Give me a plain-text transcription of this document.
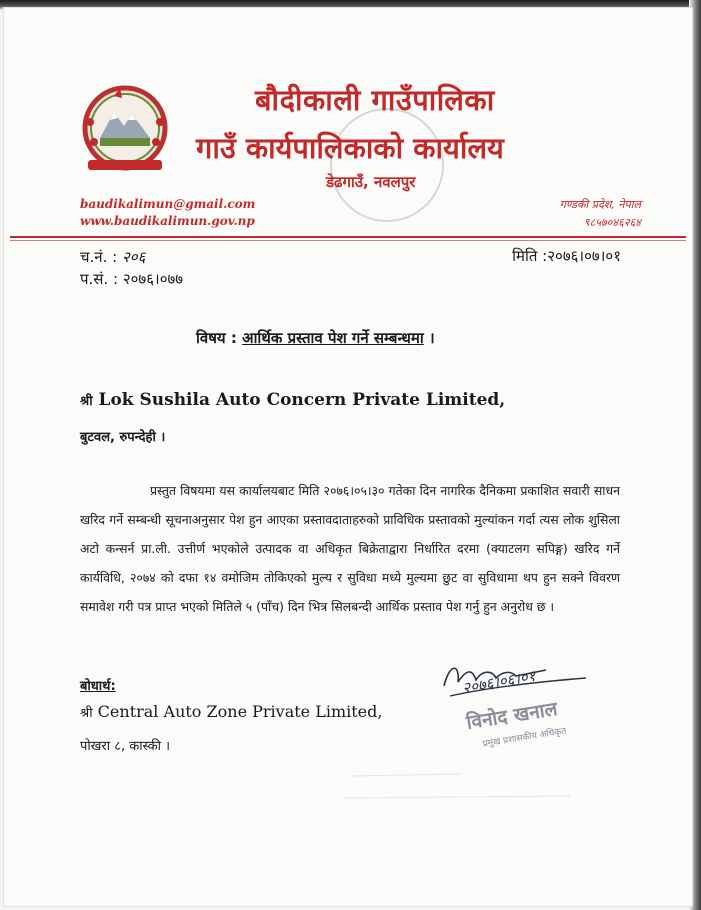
बौदीकाली गाउँपालिका
गाउँ कार्यपालिकाको कार्यालय
डेढगाउँ, नवलपुर
baudikalimun@gmail.com
www.baudikalimun.gov.np
गण्डकी प्रदेश, नेपाल
९८५७०४६२६४
च.नं. : २०६
प.सं. : २०७६।०७७
मिति :२०७६।०७।०१
विषय : आर्थिक प्रस्ताव पेश गर्ने सम्बन्धमा ।
श्री Lok Sushila Auto Concern Private Limited,
बुटवल, रुपन्देही ।
प्रस्तुत विषयमा यस कार्यालयबाट मिति २०७६।०५।३० गतेका दिन नागरिक दैनिकमा प्रकाशित सवारी साधन खरिद गर्ने सम्बन्धी सूचनाअनुसार पेश हुन आएका प्रस्तावदाताहरुको प्राविधिक प्रस्तावको मुल्यांकन गर्दा त्यस लोक शुसिला अटो कन्सर्न प्रा.ली. उत्तीर्ण भएकोले उत्पादक वा अधिकृत बिक्रेताद्वारा निर्धारित दरमा (क्याटलग सपिङ्ग) खरिद गर्ने कार्यविधि, २०७४ को दफा १४ वमोजिम तोकिएको मुल्य र सुविधा मध्ये मुल्यमा छुट वा सुविधामा थप हुन सक्ने विवरण समावेश गरी पत्र प्राप्त भएको मितिले ५ (पाँच) दिन भित्र सिलबन्दी आर्थिक प्रस्ताव पेश गर्नु हुन अनुरोध छ ।
बोधार्थ:
श्री Central Auto Zone Private Limited,
पोखरा ८, कास्की ।
२०७६।०६।०१
विनोद खनाल
प्रमुख प्रशासकीय अधिकृत
